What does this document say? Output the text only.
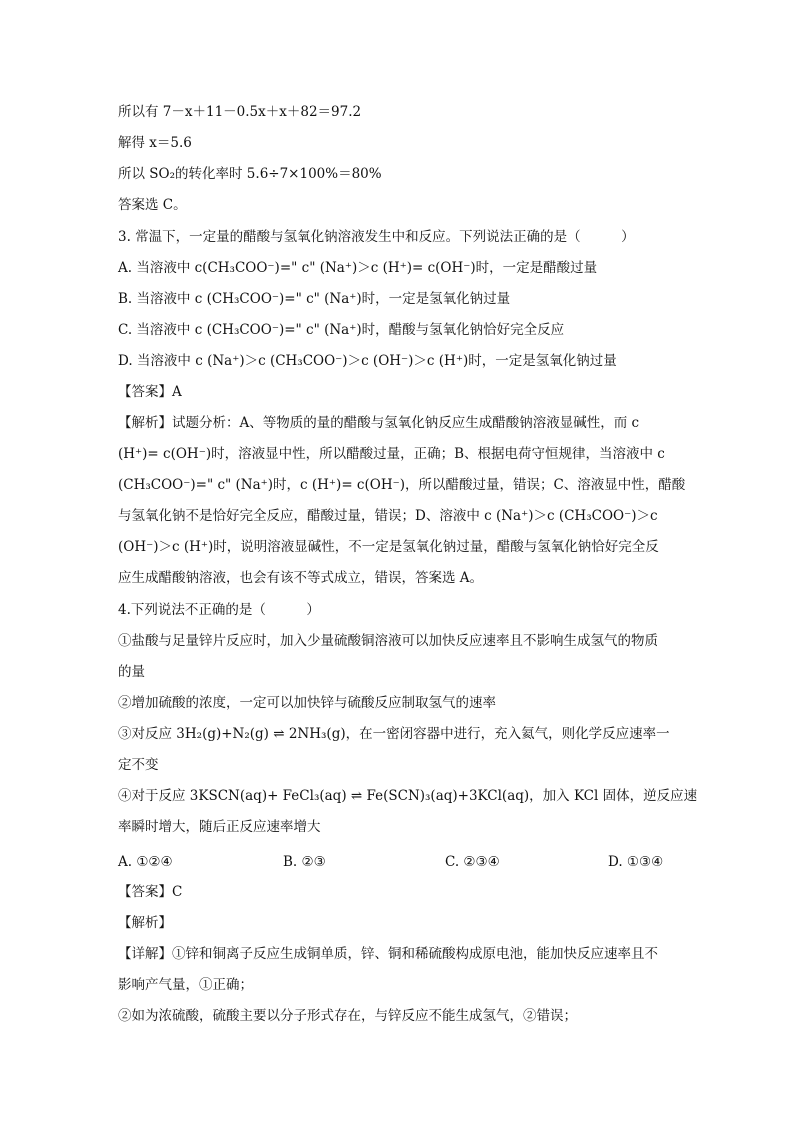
所以有 7－x＋11－0.5x＋x＋82＝97.2
解得 x＝5.6
所以 SO₂的转化率时 5.6÷7×100%＝80%
答案选 C。
3. 常温下，一定量的醋酸与氢氧化钠溶液发生中和反应。下列说法正确的是（　　　）
A. 当溶液中 c(CH₃COO⁻)=" c" (Na⁺)＞c (H⁺)= c(OH⁻)时，一定是醋酸过量
B. 当溶液中 c (CH₃COO⁻)=" c" (Na⁺)时，一定是氢氧化钠过量
C. 当溶液中 c (CH₃COO⁻)=" c" (Na⁺)时，醋酸与氢氧化钠恰好完全反应
D. 当溶液中 c (Na⁺)＞c (CH₃COO⁻)＞c (OH⁻)＞c (H⁺)时，一定是氢氧化钠过量
【答案】A
【解析】试题分析：A、等物质的量的醋酸与氢氧化钠反应生成醋酸钠溶液显碱性，而 c
(H⁺)= c(OH⁻)时，溶液显中性，所以醋酸过量，正确；B、根据电荷守恒规律，当溶液中 c
(CH₃COO⁻)=" c" (Na⁺)时，c (H⁺)= c(OH⁻)，所以醋酸过量，错误；C、溶液显中性，醋酸
与氢氧化钠不是恰好完全反应，醋酸过量，错误；D、溶液中 c (Na⁺)＞c (CH₃COO⁻)＞c
(OH⁻)＞c (H⁺)时，说明溶液显碱性，不一定是氢氧化钠过量，醋酸与氢氧化钠恰好完全反
应生成醋酸钠溶液，也会有该不等式成立，错误，答案选 A。
4.下列说法不正确的是（　　　）
①盐酸与足量锌片反应时，加入少量硫酸铜溶液可以加快反应速率且不影响生成氢气的物质
的量
②增加硫酸的浓度，一定可以加快锌与硫酸反应制取氢气的速率
③对反应 3H₂(g)+N₂(g) ⇌ 2NH₃(g)，在一密闭容器中进行，充入氦气，则化学反应速率一
定不变
④对于反应 3KSCN(aq)+ FeCl₃(aq) ⇌ Fe(SCN)₃(aq)+3KCl(aq)，加入 KCl 固体，逆反应速
率瞬时增大，随后正反应速率增大
A. ①②④	B. ②③	C. ②③④	D. ①③④
【答案】C
【解析】
【详解】①锌和铜离子反应生成铜单质，锌、铜和稀硫酸构成原电池，能加快反应速率且不
影响产气量，①正确；
②如为浓硫酸，硫酸主要以分子形式存在，与锌反应不能生成氢气，②错误；
